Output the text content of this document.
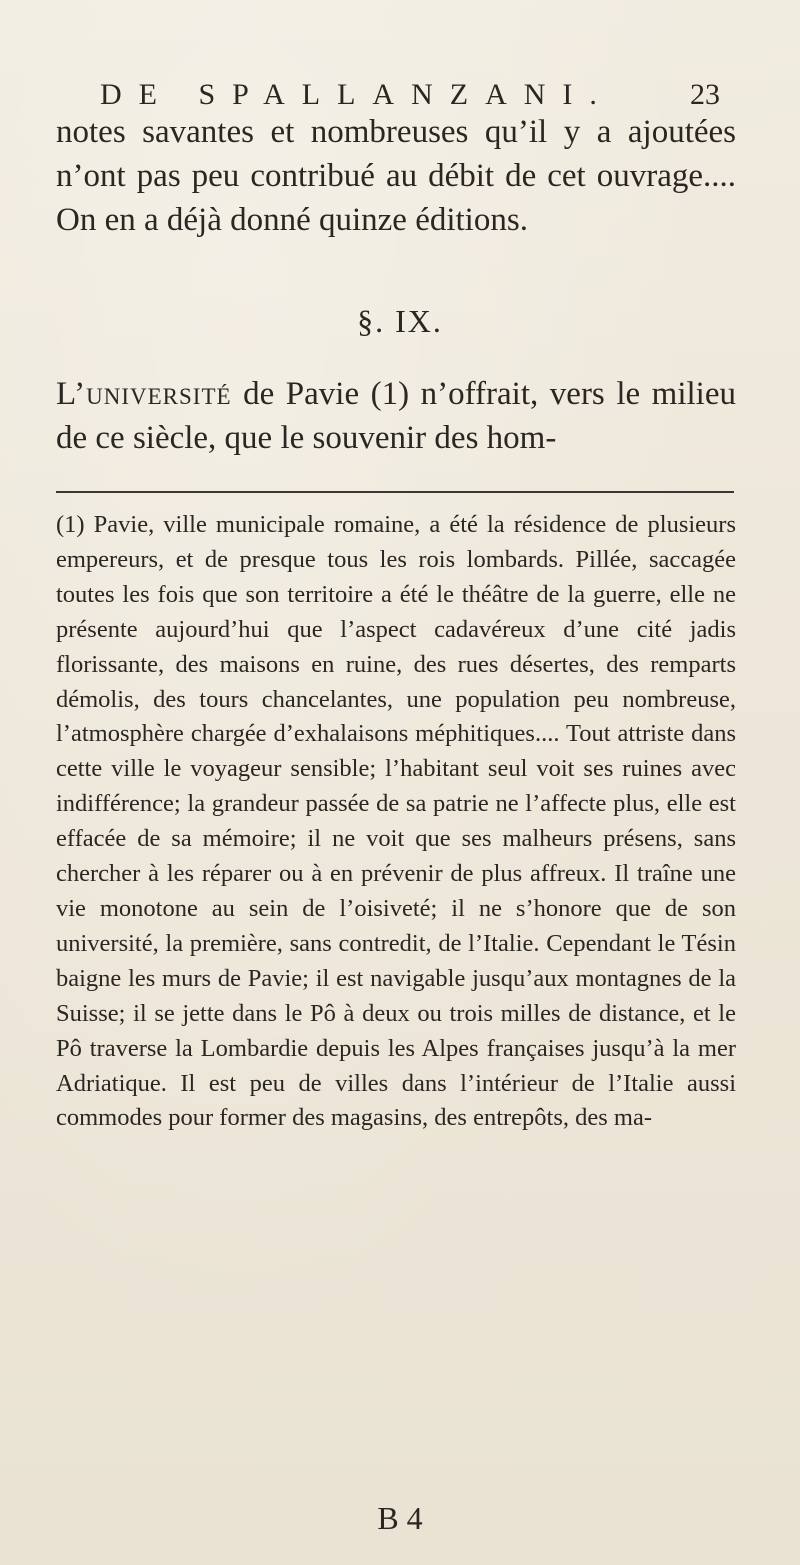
DE SPALLANZANI.	23

notes savantes et nombreuses qu’il y a ajoutées n’ont pas peu contribué au débit de cet ouvrage.... On en a déjà donné quinze éditions.

§. IX.

L’université de Pavie (1) n’offrait, vers le milieu de ce siècle, que le souvenir des hom-

(1) Pavie, ville municipale romaine, a été la résidence de plusieurs empereurs, et de presque tous les rois lombards. Pillée, saccagée toutes les fois que son territoire a été le théâtre de la guerre, elle ne présente aujourd’hui que l’aspect cadavéreux d’une cité jadis florissante, des maisons en ruine, des rues désertes, des remparts démolis, des tours chancelantes, une population peu nombreuse, l’atmosphère chargée d’exhalaisons méphitiques.... Tout attriste dans cette ville le voyageur sensible; l’habitant seul voit ses ruines avec indifférence; la grandeur passée de sa patrie ne l’affecte plus, elle est effacée de sa mémoire; il ne voit que ses malheurs présens, sans chercher à les réparer ou à en prévenir de plus affreux. Il traîne une vie monotone au sein de l’oisiveté; il ne s’honore que de son université, la première, sans contredit, de l’Italie. Cependant le Tésin baigne les murs de Pavie; il est navigable jusqu’aux montagnes de la Suisse; il se jette dans le Pô à deux ou trois milles de distance, et le Pô traverse la Lombardie depuis les Alpes françaises jusqu’à la mer Adriatique. Il est peu de villes dans l’intérieur de l’Italie aussi commodes pour former des magasins, des entrepôts, des ma-

B 4
